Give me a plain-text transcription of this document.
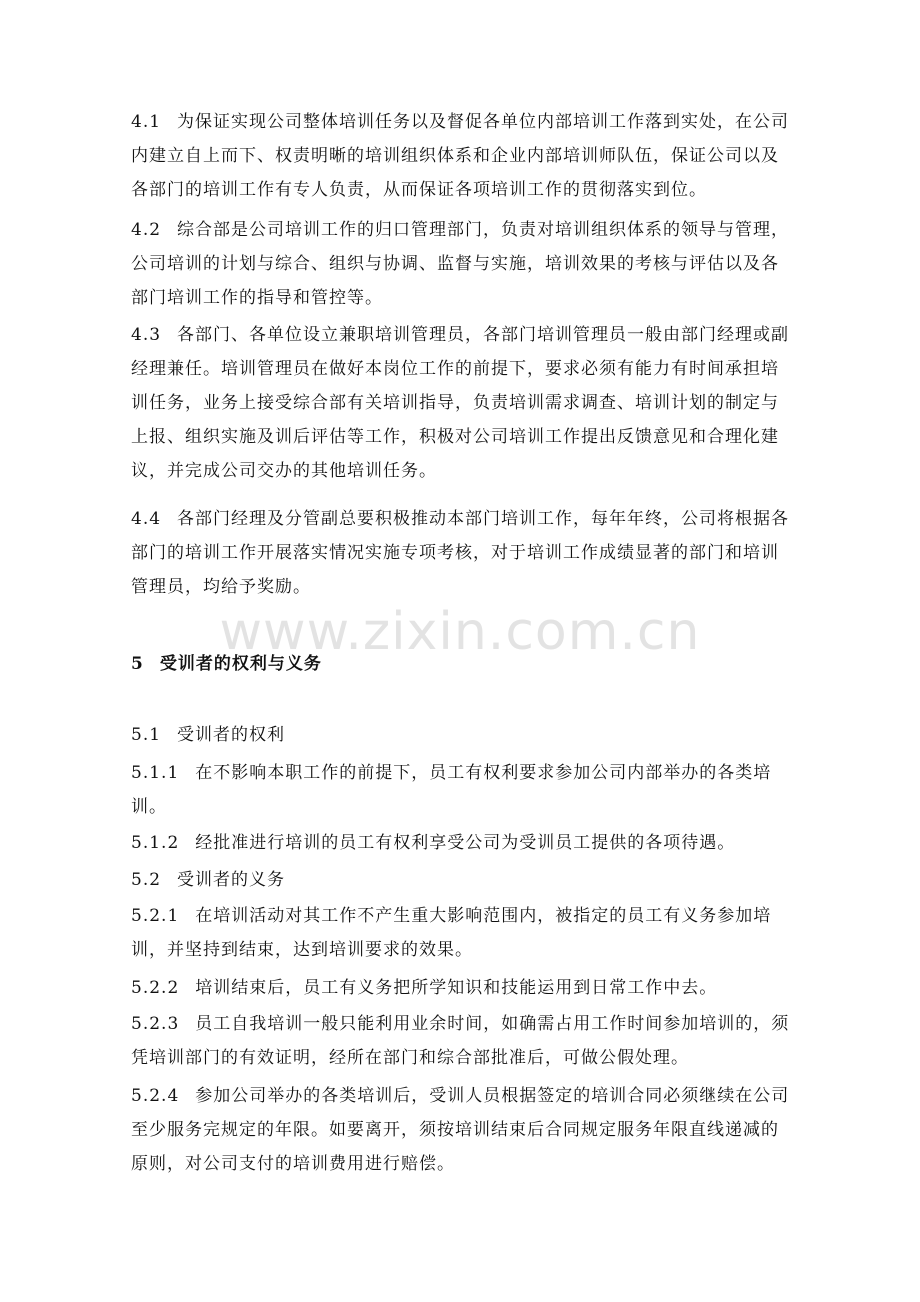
www.zixin.com.cn

4.1 为保证实现公司整体培训任务以及督促各单位内部培训工作落到实处，在公司内建立自上而下、权责明晰的培训组织体系和企业内部培训师队伍，保证公司以及各部门的培训工作有专人负责，从而保证各项培训工作的贯彻落实到位。

4.2 综合部是公司培训工作的归口管理部门，负责对培训组织体系的领导与管理，公司培训的计划与综合、组织与协调、监督与实施，培训效果的考核与评估以及各部门培训工作的指导和管控等。

4.3 各部门、各单位设立兼职培训管理员，各部门培训管理员一般由部门经理或副经理兼任。培训管理员在做好本岗位工作的前提下，要求必须有能力有时间承担培训任务，业务上接受综合部有关培训指导，负责培训需求调查、培训计划的制定与上报、组织实施及训后评估等工作，积极对公司培训工作提出反馈意见和合理化建议，并完成公司交办的其他培训任务。

4.4 各部门经理及分管副总要积极推动本部门培训工作，每年年终，公司将根据各部门的培训工作开展落实情况实施专项考核，对于培训工作成绩显著的部门和培训管理员，均给予奖励。

5 受训者的权利与义务

5.1 受训者的权利

5.1.1 在不影响本职工作的前提下，员工有权利要求参加公司内部举办的各类培训。

5.1.2 经批准进行培训的员工有权利享受公司为受训员工提供的各项待遇。

5.2 受训者的义务

5.2.1 在培训活动对其工作不产生重大影响范围内，被指定的员工有义务参加培训，并坚持到结束，达到培训要求的效果。

5.2.2 培训结束后，员工有义务把所学知识和技能运用到日常工作中去。

5.2.3 员工自我培训一般只能利用业余时间，如确需占用工作时间参加培训的，须凭培训部门的有效证明，经所在部门和综合部批准后，可做公假处理。

5.2.4 参加公司举办的各类培训后，受训人员根据签定的培训合同必须继续在公司至少服务完规定的年限。如要离开，须按培训结束后合同规定服务年限直线递减的原则，对公司支付的培训费用进行赔偿。
